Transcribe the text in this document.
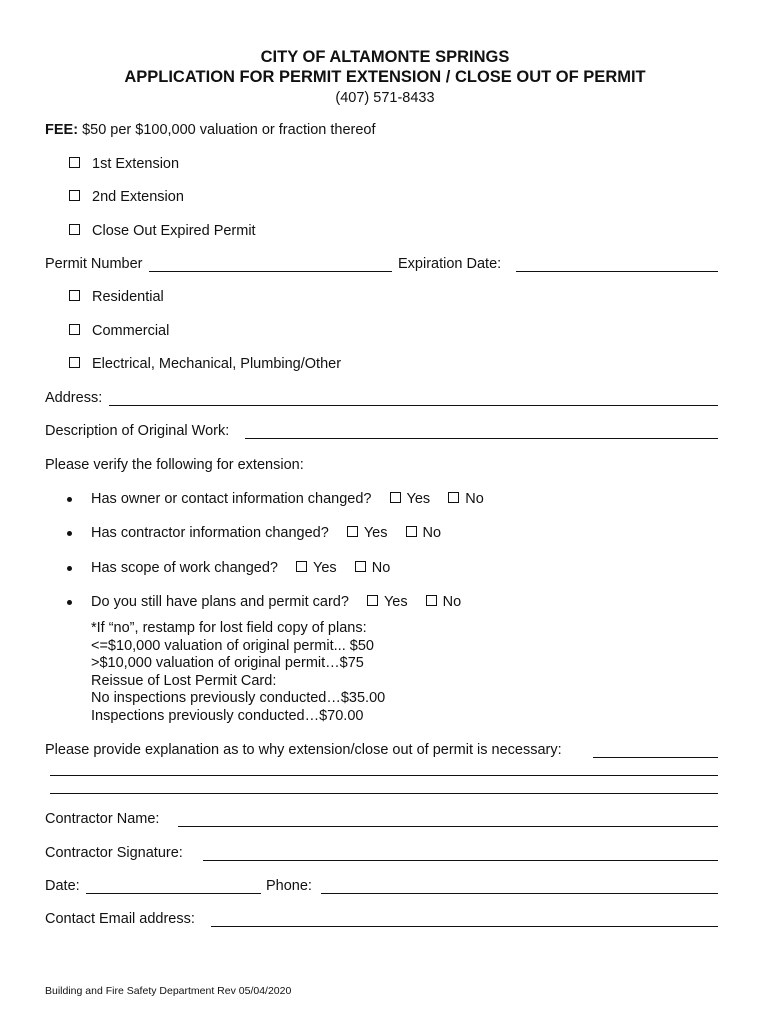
CITY OF ALTAMONTE SPRINGS
APPLICATION FOR PERMIT EXTENSION / CLOSE OUT OF PERMIT
(407) 571-8433
FEE: $50 per $100,000 valuation or fraction thereof
1st Extension
2nd Extension
Close Out Expired Permit
Permit Number	Expiration Date:
Residential
Commercial
Electrical, Mechanical, Plumbing/Other
Address:
Description of Original Work:
Please verify the following for extension:
Has owner or contact information changed? Yes No
Has contractor information changed? Yes No
Has scope of work changed? Yes No
Do you still have plans and permit card? Yes No
*If “no”, restamp for lost field copy of plans:
<=$10,000 valuation of original permit... $50
>$10,000 valuation of original permit…$75
Reissue of Lost Permit Card:
No inspections previously conducted…$35.00
Inspections previously conducted…$70.00
Please provide explanation as to why extension/close out of permit is necessary:
Contractor Name:
Contractor Signature:
Date:	Phone:
Contact Email address:
Building and Fire Safety Department Rev 05/04/2020
